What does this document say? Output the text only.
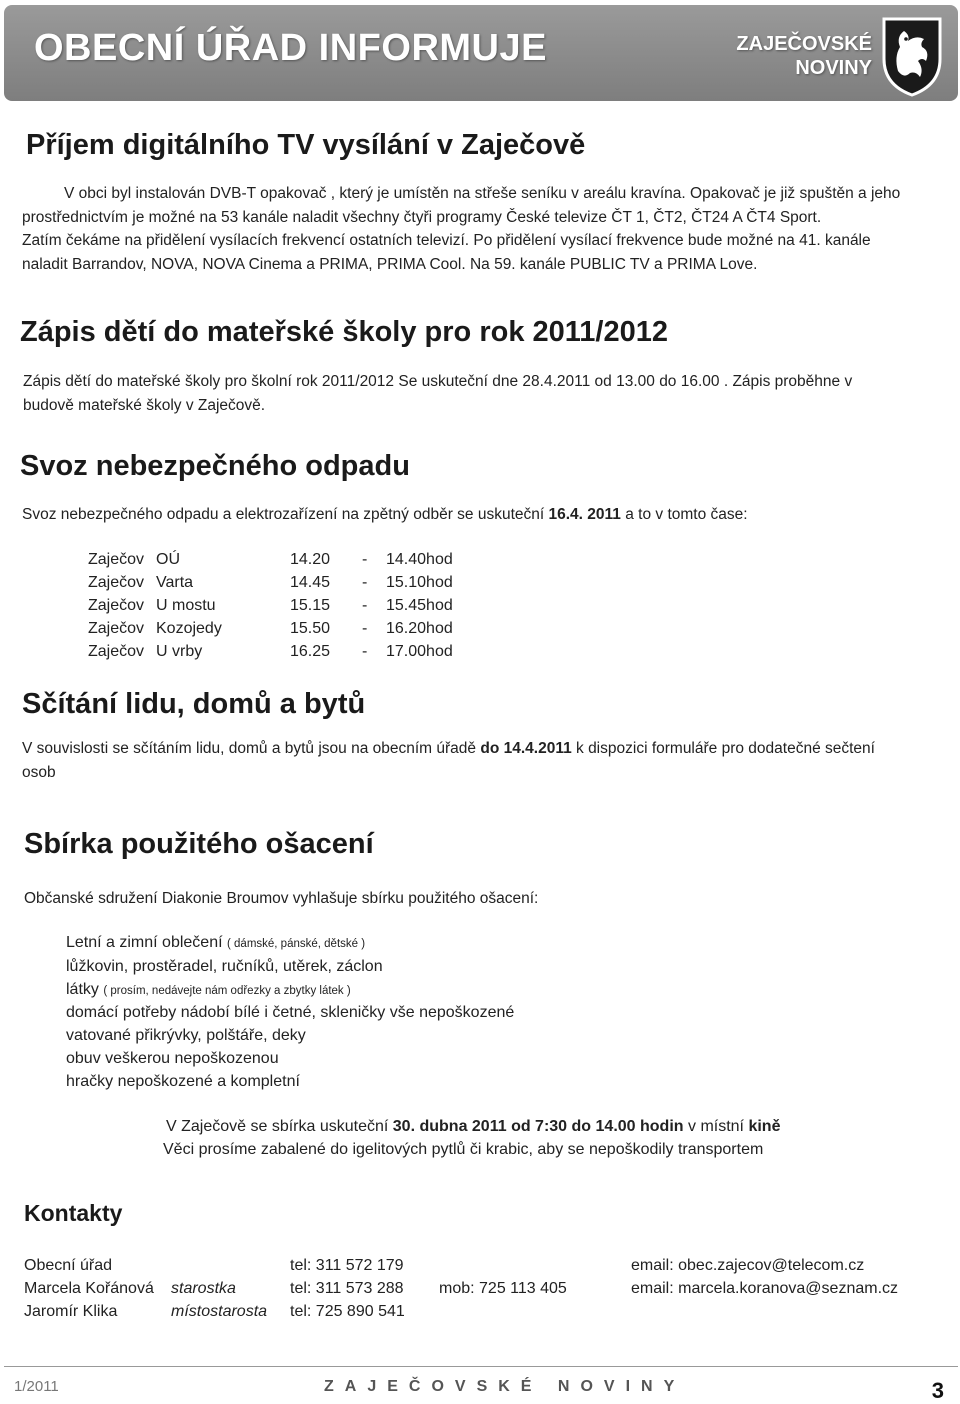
OBECNÍ ÚŘAD INFORMUJE	ZAJEČOVSKÉ
NOVINY
Příjem digitálního TV vysílání v Zaječově
V obci byl instalován DVB-T opakovač , který je umístěn na střeše seníku v areálu kravína. Opakovač je již spuštěn a jeho
prostřednictvím je možné na 53 kanále naladit všechny čtyři programy České televize ČT 1, ČT2, ČT24 A ČT4 Sport.
Zatím čekáme na přidělení vysílacích frekvencí ostatních televizí. Po přidělení vysílací frekvence bude možné na 41. kanále
naladit Barrandov, NOVA, NOVA Cinema a PRIMA, PRIMA Cool. Na 59. kanále PUBLIC TV a PRIMA Love.
Zápis dětí do mateřské školy pro rok 2011/2012
Zápis dětí do mateřské školy pro školní rok 2011/2012 Se uskuteční dne 28.4.2011 od 13.00 do 16.00 . Zápis proběhne v
budově mateřské školy v Zaječově.
Svoz nebezpečného odpadu
Svoz nebezpečného odpadu a elektrozařízení na zpětný odběr se uskuteční 16.4. 2011 a to v tomto čase:
Zaječov	OÚ	14.20	-	14.40	hod
Zaječov	Varta	14.45	-	15.10	hod
Zaječov	U mostu	15.15	-	15.45	hod
Zaječov	Kozojedy	15.50	-	16.20	hod
Zaječov	U vrby	16.25	-	17.00	hod
Sčítání lidu, domů a bytů
V souvislosti se sčítáním lidu, domů a bytů jsou na obecním úřadě do 14.4.2011 k dispozici formuláře pro dodatečné sečtení
osob
Sbírka použitého ošacení
Občanské sdružení Diakonie Broumov vyhlašuje sbírku použitého ošacení:
Letní a zimní oblečení ( dámské, pánské, dětské )
lůžkovin, prostěradel, ručníků, utěrek, záclon
látky ( prosím, nedávejte nám odřezky a zbytky látek )
domácí potřeby nádobí bílé i četné, skleničky vše nepoškozené
vatované přikrývky, polštáře, deky
obuv veškerou nepoškozenou
hračky nepoškozené a kompletní
V Zaječově se sbírka uskuteční 30. dubna 2011 od 7:30 do 14.00 hodin v místní kině
Věci prosíme zabalené do igelitových pytlů či krabic, aby se nepoškodily transportem
Kontakty
Obecní úřad		tel: 311 572 179		email: obec.zajecov@telecom.cz
Marcela Kořánová	starostka	tel: 311 573 288	mob: 725 113 405	email: marcela.koranova@seznam.cz
Jaromír Klika	místostarosta	tel: 725 890 541		
1/2011	ZAJEČOVSKÉ NOVINY	3
